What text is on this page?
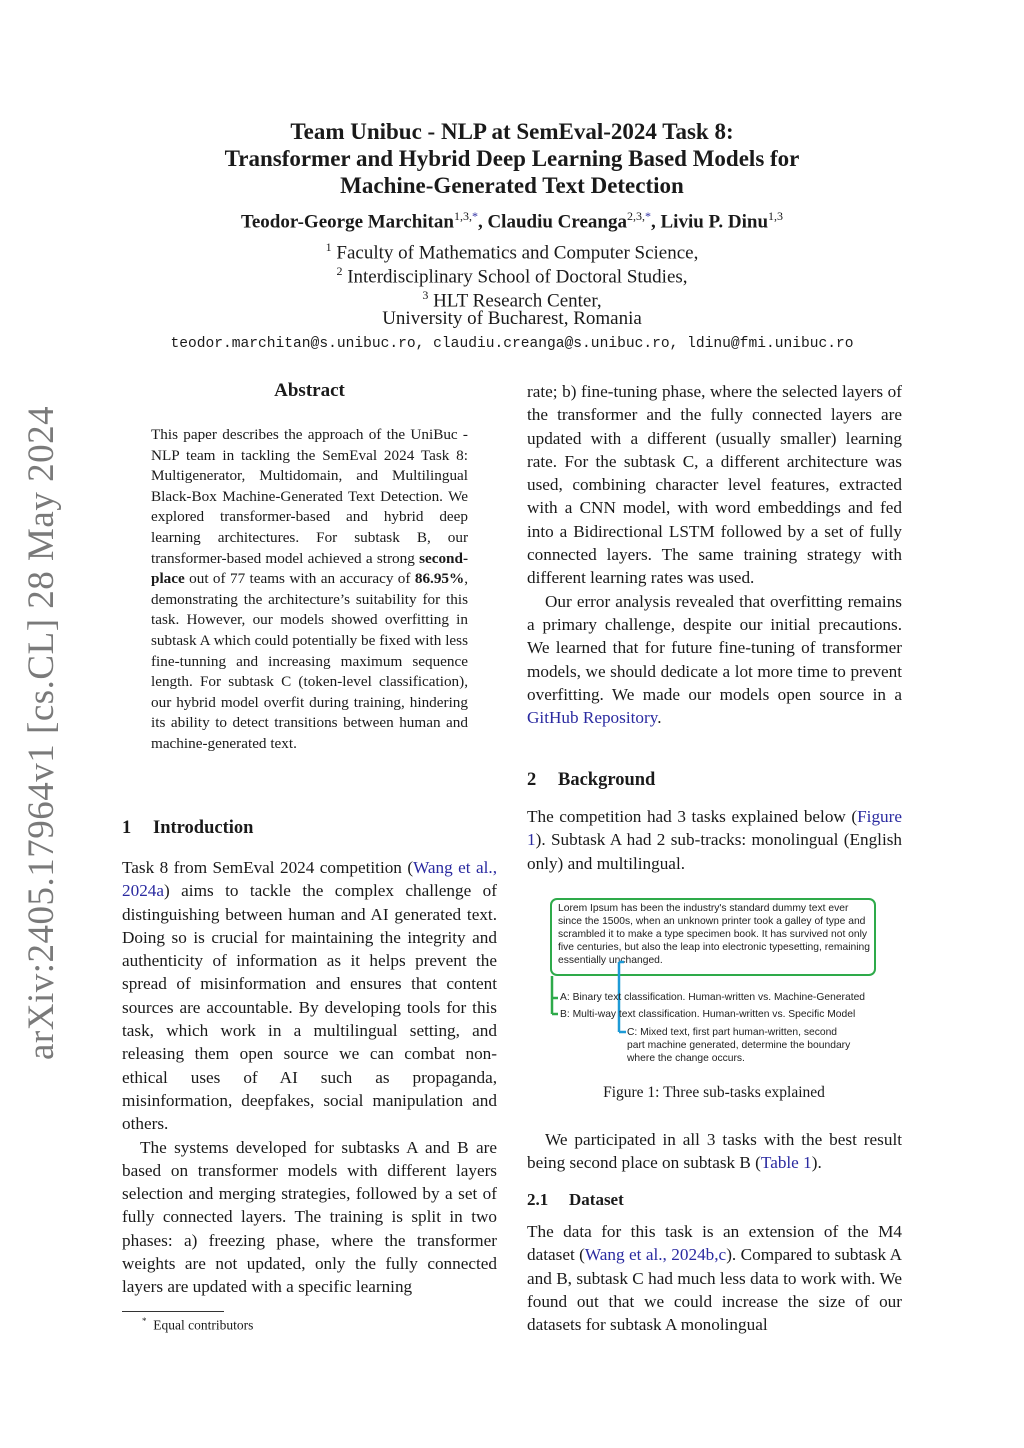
arXiv:2405.17964v1 [cs.CL] 28 May 2024
Team Unibuc - NLP at SemEval-2024 Task 8:
Transformer and Hybrid Deep Learning Based Models for
Machine-Generated Text Detection
Teodor-George Marchitan$^{1,3,*}$, Claudiu Creanga$^{2,3,*}$, Liviu P. Dinu$^{1,3}$
$^1$ Faculty of Mathematics and Computer Science,
$^2$ Interdisciplinary School of Doctoral Studies,
$^3$ HLT Research Center,
University of Bucharest, Romania
teodor.marchitan@s.unibuc.ro, claudiu.creanga@s.unibuc.ro, ldinu@fmi.unibuc.ro
Abstract
This paper describes the approach of the UniBuc - NLP team in tackling the SemEval 2024 Task 8: Multigenerator, Multidomain, and Multilingual Black-Box Machine-Generated Text Detection. We explored transformer-based and hybrid deep learning architectures. For subtask B, our transformer-based model achieved a strong second-place out of 77 teams with an accuracy of 86.95%, demonstrating the architecture’s suitability for this task. However, our models showed overfitting in subtask A which could potentially be fixed with less fine-tunning and increasing maximum sequence length. For subtask C (token-level classification), our hybrid model overfit during training, hindering its ability to detect transitions between human and machine-generated text.
1 Introduction

Task 8 from SemEval 2024 competition (Wang et al., 2024a) aims to tackle the complex challenge of distinguishing between human and AI generated text. Doing so is crucial for maintaining the integrity and authenticity of information as it helps prevent the spread of misinformation and ensures that content sources are accountable. By developing tools for this task, which work in a multilingual setting, and releasing them open source we can combat non-ethical uses of AI such as propaganda, misinformation, deepfakes, social manipulation and others.

The systems developed for subtasks A and B are based on transformer models with different layers selection and merging strategies, followed by a set of fully connected layers. The training is split in two phases: a) freezing phase, where the transformer weights are not updated, only the fully connected layers are updated with a specific learning

rate; b) fine-tuning phase, where the selected layers of the transformer and the fully connected layers are updated with a different (usually smaller) learning rate. For the subtask C, a different architecture was used, combining character level features, extracted with a CNN model, with word embeddings and fed into a Bidirectional LSTM followed by a set of fully connected layers. The same training strategy with different learning rates was used.

Our error analysis revealed that overfitting remains a primary challenge, despite our initial precautions. We learned that for future fine-tuning of transformer models, we should dedicate a lot more time to prevent overfitting. We made our models open source in a GitHub Repository.

2 Background

The competition had 3 tasks explained below (Figure 1). Subtask A had 2 sub-tracks: monolingual (English only) and multilingual.

Lorem Ipsum has been the industry's standard dummy text ever since the 1500s, when an unknown printer took a galley of type and scrambled it to make a type specimen book. It has survived not only five centuries, but also the leap into electronic typesetting, remaining essentially unchanged.
A: Binary text classification. Human-written vs. Machine-Generated
B: Multi-way text classification. Human-written vs. Specific Model
C: Mixed text, first part human-written, second
part machine generated, determine the boundary
where the change occurs.
Figure 1: Three sub-tasks explained

We participated in all 3 tasks with the best result being second place on subtask B (Table 1).

2.1 Dataset

The data for this task is an extension of the M4 dataset (Wang et al., 2024b,c). Compared to subtask A and B, subtask C had much less data to work with. We found out that we could increase the size of our datasets for subtask A monolingual

* Equal contributors
